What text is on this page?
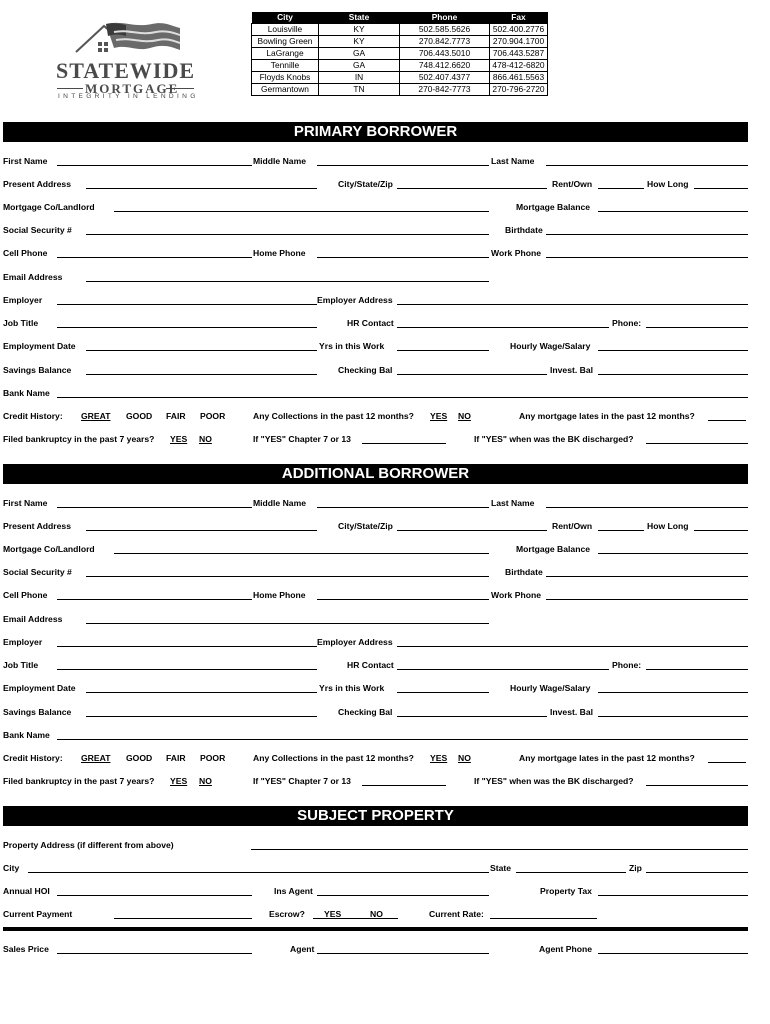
STATEWIDE
MORTGAGE
INTEGRITY IN LENDING
City	State	Phone	Fax
Louisville	KY	502.585.5626	502.400.2776
Bowling Green	KY	270.842.7773	270.904.1700
LaGrange	GA	706.443.5010	706.443.5287
Tennille	GA	748.412.6620	478-412-6820
Floyds Knobs	IN	502.407.4377	866.461.5563
Germantown	TN	270-842-7773	270-796-2720
PRIMARY BORROWER
First Name	Middle Name	Last Name
Present Address	City/State/Zip	Rent/Own	How Long
Mortgage Co/Landlord	Mortgage Balance
Social Security #	Birthdate
Cell Phone	Home Phone	Work Phone
Email Address
Employer	Employer Address
Job Title	HR Contact	Phone:
Employment Date	Yrs in this Work	Hourly Wage/Salary
Savings Balance	Checking Bal	Invest. Bal
Bank Name
Credit History: GREAT GOOD FAIR POOR	Any Collections in the past 12 months? YES NO	Any mortgage lates in the past 12 months?
Filed bankruptcy in the past 7 years? YES NO	If "YES" Chapter 7 or 13	If "YES" when was the BK discharged?
ADDITIONAL BORROWER
First Name	Middle Name	Last Name
Present Address	City/State/Zip	Rent/Own	How Long
Mortgage Co/Landlord	Mortgage Balance
Social Security #	Birthdate
Cell Phone	Home Phone	Work Phone
Email Address
Employer	Employer Address
Job Title	HR Contact	Phone:
Employment Date	Yrs in this Work	Hourly Wage/Salary
Savings Balance	Checking Bal	Invest. Bal
Bank Name
Credit History: GREAT GOOD FAIR POOR	Any Collections in the past 12 months? YES NO	Any mortgage lates in the past 12 months?
Filed bankruptcy in the past 7 years? YES NO	If "YES" Chapter 7 or 13	If "YES" when was the BK discharged?
SUBJECT PROPERTY
Property Address (if different from above)
City	State	Zip
Annual HOI	Ins Agent	Property Tax
Current Payment	Escrow? YES	NO	Current Rate:
Sales Price	Agent	Agent Phone
